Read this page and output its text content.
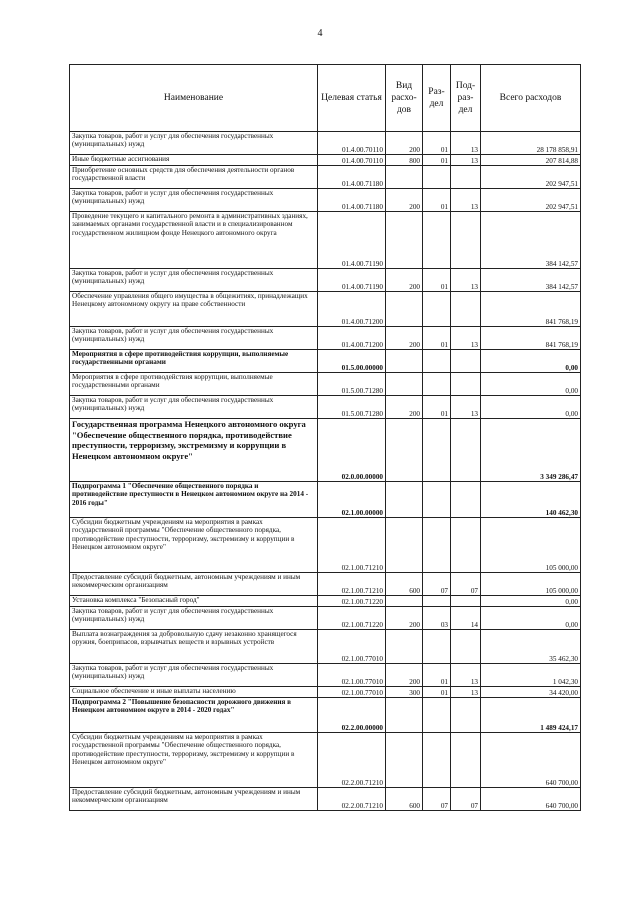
4
Наименование	Целевая статья	Вид расхо- дов	Раз- дел	Под- раз- дел	Всего расходов
Закупка товаров, работ и услуг для обеспечения государственных (муниципальных) нужд	01.4.00.70110	200	01	13	28 178 858,91
Иные бюджетные ассигнования	01.4.00.70110	800	01	13	207 814,88
Приобретение основных средств для обеспечения деятельности органов государственной власти	01.4.00.71180				202 947,51
Закупка товаров, работ и услуг для обеспечения государственных (муниципальных) нужд	01.4.00.71180	200	01	13	202 947,51
Проведение текущего и капитального ремонта в административных зданиях, занимаемых органами государственной власти и в специализированном государственном жилищном фонде Ненецкого автономного округа	01.4.00.71190				384 142,57
Закупка товаров, работ и услуг для обеспечения государственных (муниципальных) нужд	01.4.00.71190	200	01	13	384 142,57
Обеспечение управления общего имущества в общежитиях, принадлежащих Ненецкому автономному округу на праве собственности	01.4.00.71200				841 768,19
Закупка товаров, работ и услуг для обеспечения государственных (муниципальных) нужд	01.4.00.71200	200	01	13	841 768,19
Мероприятия в сфере противодействия коррупции, выполняемые государственными органами	01.5.00.00000				0,00
Мероприятия в сфере противодействия коррупции, выполняемые государственными органами	01.5.00.71280				0,00
Закупка товаров, работ и услуг для обеспечения государственных (муниципальных) нужд	01.5.00.71280	200	01	13	0,00
Государственная программа Ненецкого автономного округа "Обеспечение общественного порядка, противодействие преступности, терроризму, экстремизму и коррупции в Ненецком автономном округе"	02.0.00.00000				3 349 286,47
Подпрограмма 1 "Обеспечение общественного порядка и противодействие преступности в Ненецком автономном округе на 2014 - 2016 годы"	02.1.00.00000				140 462,30
Субсидии бюджетным учреждениям на мероприятия в рамках государственной программы "Обеспечение общественного порядка, противодействие преступности, терроризму, экстремизму и коррупции в Ненецком автономном округе"	02.1.00.71210				105 000,00
Предоставление субсидий бюджетным, автономным учреждениям и иным некоммерческим организациям	02.1.00.71210	600	07	07	105 000,00
Установка комплекса "Безопасный город"	02.1.00.71220				0,00
Закупка товаров, работ и услуг для обеспечения государственных (муниципальных) нужд	02.1.00.71220	200	03	14	0,00
Выплата вознаграждения за добровольную сдачу незаконно хранящегося оружия, боеприпасов, взрывчатых веществ и взрывных устройств	02.1.00.77010				35 462,30
Закупка товаров, работ и услуг для обеспечения государственных (муниципальных) нужд	02.1.00.77010	200	01	13	1 042,30
Социальное обеспечение и иные выплаты населению	02.1.00.77010	300	01	13	34 420,00
Подпрограмма 2 "Повышение безопасности дорожного движения в Ненецком автономном округе в 2014 - 2020 годах"	02.2.00.00000				1 489 424,17
Субсидии бюджетным учреждениям на мероприятия в рамках государственной программы "Обеспечение общественного порядка, противодействие преступности, терроризму, экстремизму и коррупции в Ненецком автономном округе"	02.2.00.71210				640 700,00
Предоставление субсидий бюджетным, автономным учреждениям и иным некоммерческим организациям	02.2.00.71210	600	07	07	640 700,00
